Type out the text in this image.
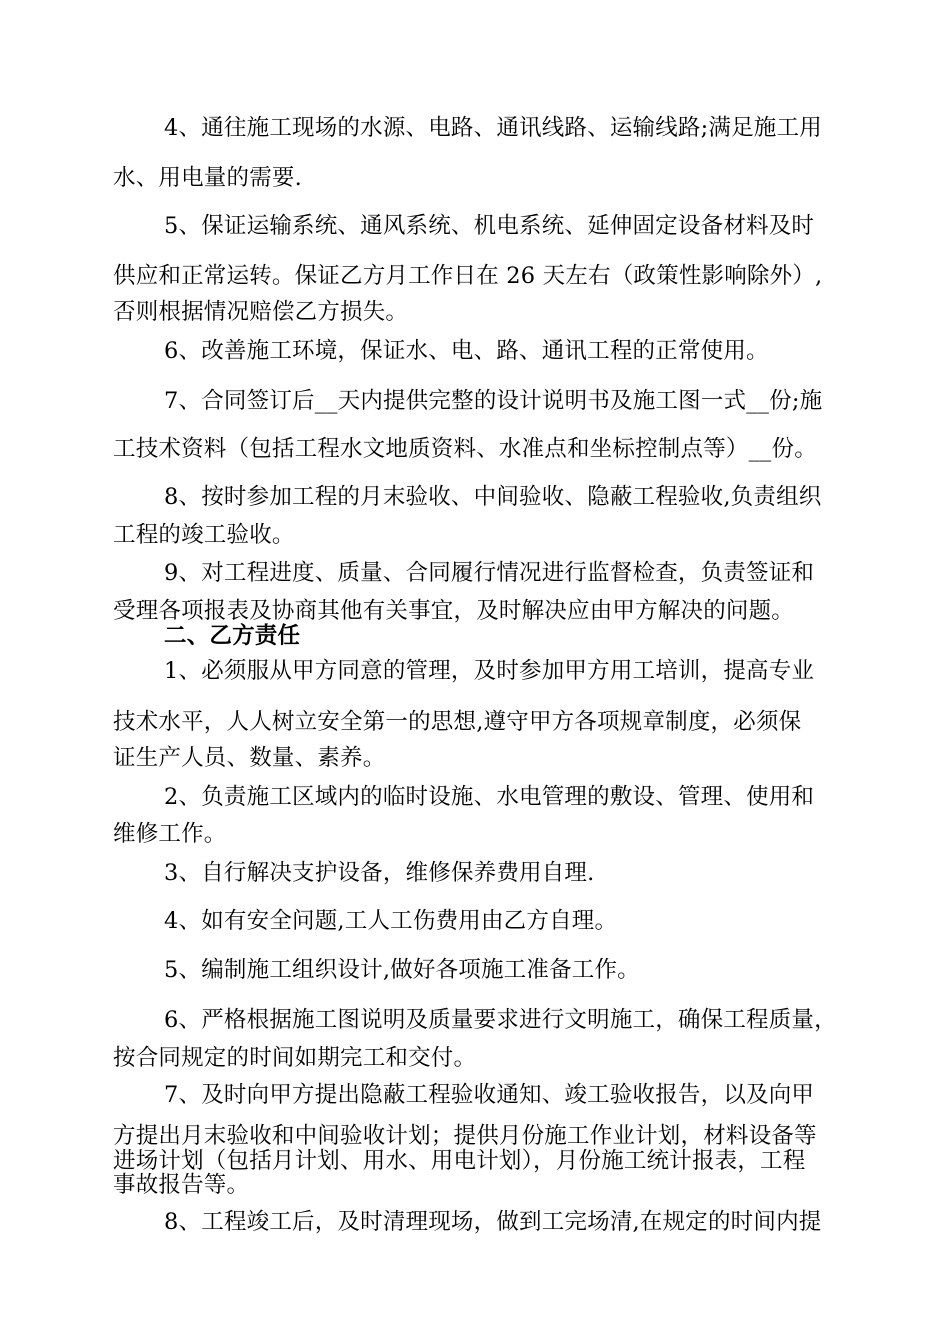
4、通往施工现场的水源、电路、通讯线路、运输线路;满足施工用
水、用电量的需要.
5、保证运输系统、通风系统、机电系统、延伸固定设备材料及时
供应和正常运转。保证乙方月工作日在 26 天左右（政策性影响除外）,
否则根据情况赔偿乙方损失。
6、改善施工环境，保证水、电、路、通讯工程的正常使用。
7、合同签订后__天内提供完整的设计说明书及施工图一式__份;施
工技术资料（包括工程水文地质资料、水准点和坐标控制点等）__份。
8、按时参加工程的月末验收、中间验收、隐蔽工程验收,负责组织
工程的竣工验收。
9、对工程进度、质量、合同履行情况进行监督检查，负责签证和
受理各项报表及协商其他有关事宜，及时解决应由甲方解决的问题。
二、乙方责任
1、必须服从甲方同意的管理，及时参加甲方用工培训，提高专业
技术水平，人人树立安全第一的思想,遵守甲方各项规章制度，必须保
证生产人员、数量、素养。
2、负责施工区域内的临时设施、水电管理的敷设、管理、使用和
维修工作。
3、自行解决支护设备，维修保养费用自理.
4、如有安全问题,工人工伤费用由乙方自理。
5、编制施工组织设计,做好各项施工准备工作。
6、严格根据施工图说明及质量要求进行文明施工，确保工程质量，
按合同规定的时间如期完工和交付。
7、及时向甲方提出隐蔽工程验收通知、竣工验收报告，以及向甲
方提出月末验收和中间验收计划；提供月份施工作业计划，材料设备等
进场计划（包括月计划、用水、用电计划），月份施工统计报表，工程
事故报告等。
8、工程竣工后，及时清理现场，做到工完场清,在规定的时间内提
